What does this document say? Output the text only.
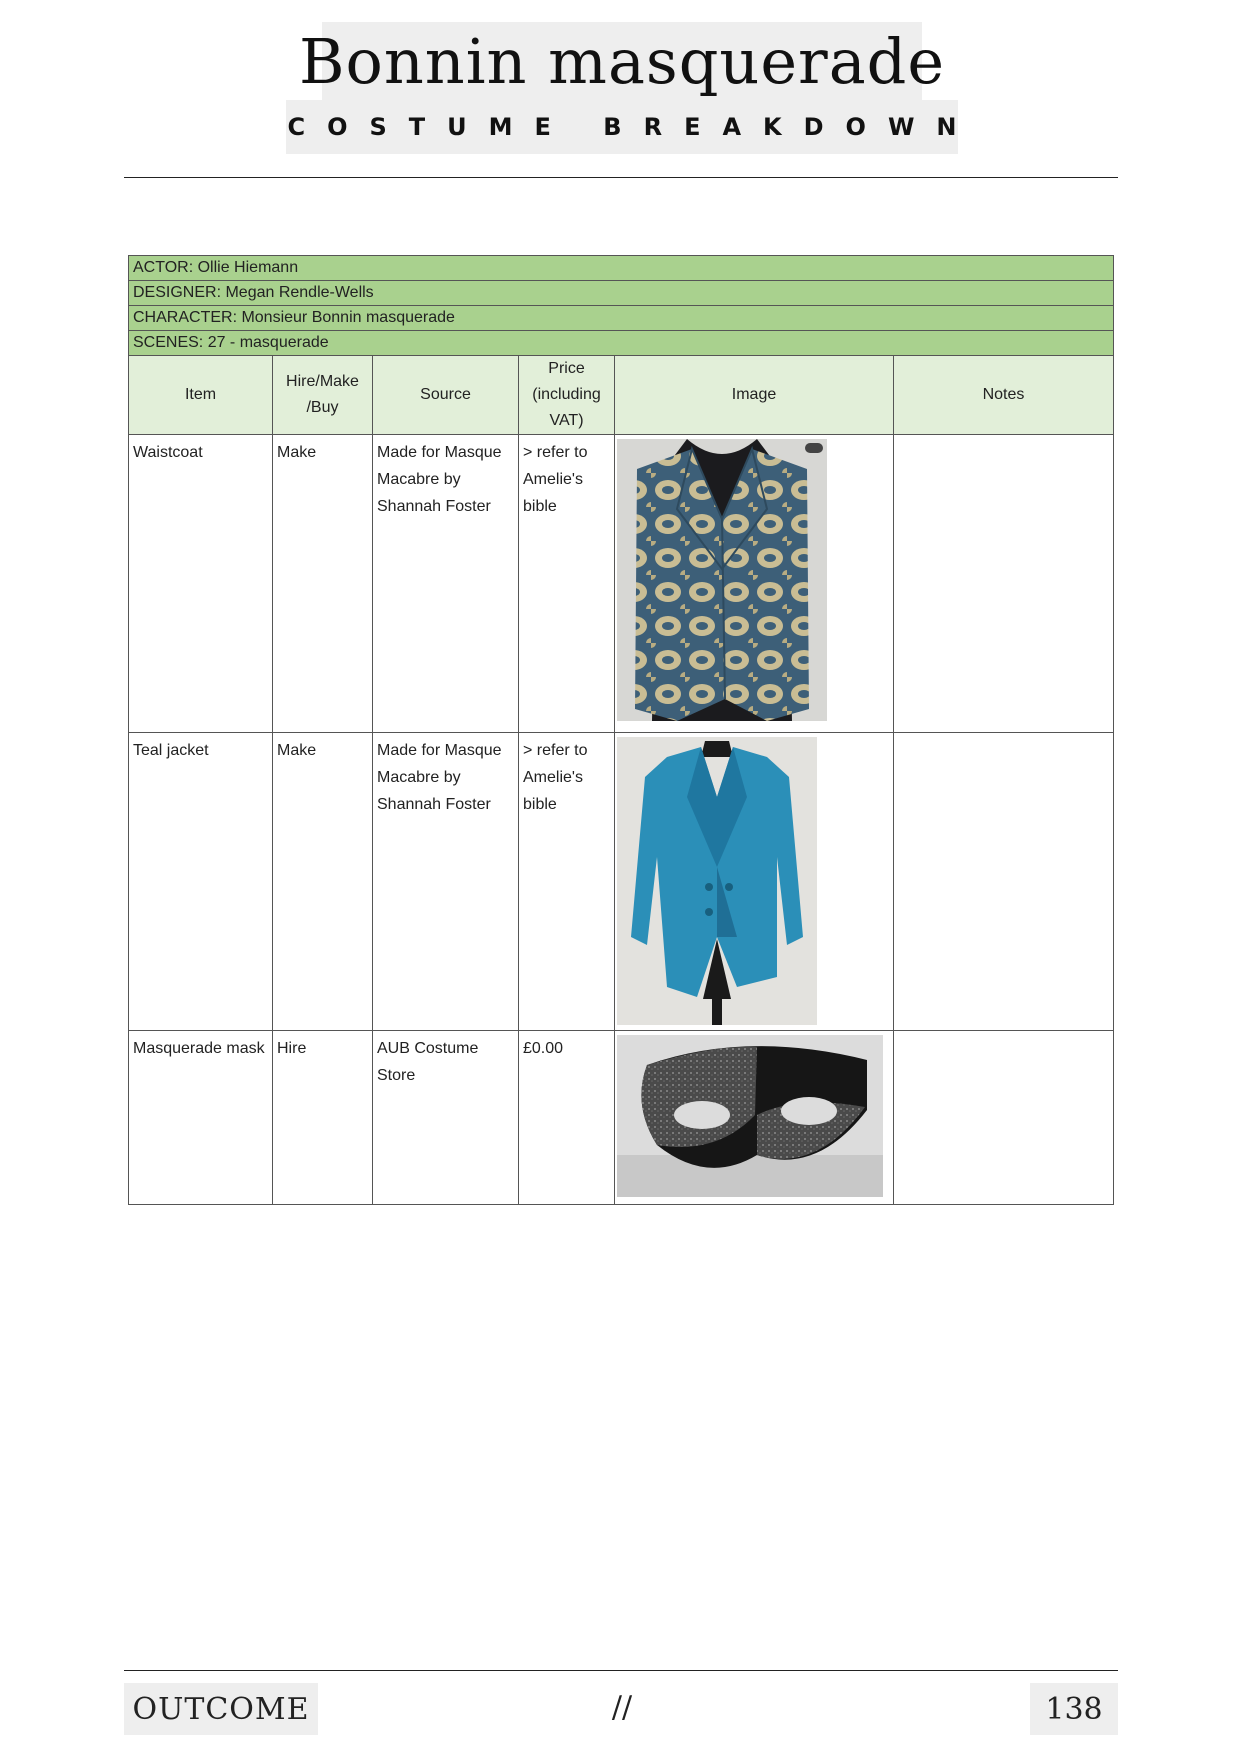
Bonnin masquerade
COSTUME BREAKDOWN
ACTOR: Ollie Hiemann					
DESIGNER: Megan Rendle-Wells					
CHARACTER: Monsieur Bonnin masquerade					
SCENES: 27 - masquerade					
Item	Hire/Make /Buy	Source	Price (including VAT)	Image	Notes
Waistcoat	Make	Made for Masque Macabre by Shannah Foster	> refer to Amelie's bible	

Teal jacket	Make	Made for Masque Macabre by Shannah Foster	> refer to Amelie's bible	

Masquerade mask	Hire	AUB Costume Store	£0.00	

OUTCOME	//	138
